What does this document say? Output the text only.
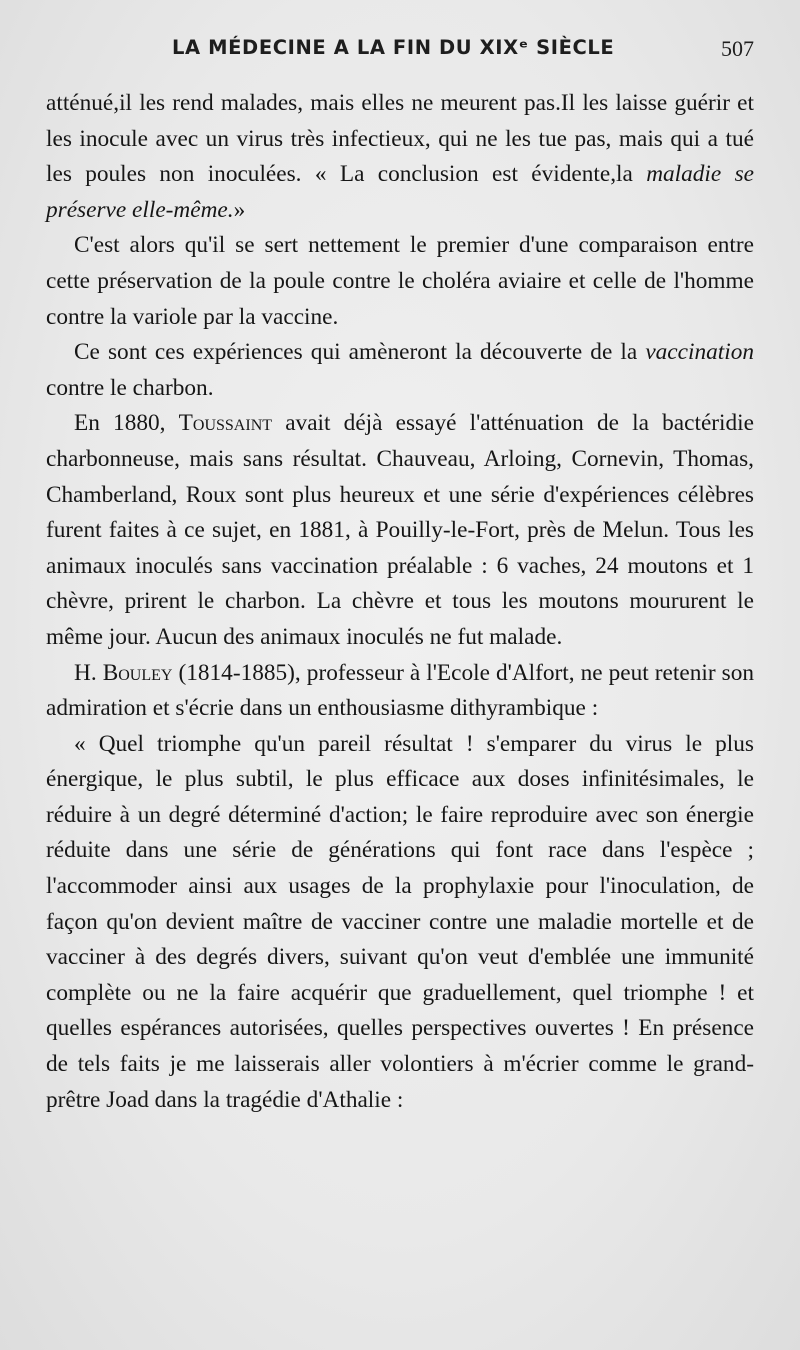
LA MÉDECINE A LA FIN DU XIXᵉ SIÈCLE	507

atténué,il les rend malades, mais elles ne meurent pas.Il les laisse guérir et les inocule avec un virus très infectieux, qui ne les tue pas, mais qui a tué les poules non inoculées. « La conclusion est évidente,la maladie se préserve elle-même.»

C'est alors qu'il se sert nettement le premier d'une comparaison entre cette préservation de la poule contre le choléra aviaire et celle de l'homme contre la variole par la vaccine.

Ce sont ces expériences qui amèneront la découverte de la vaccination contre le charbon.

En 1880, Toussaint avait déjà essayé l'atténuation de la bactéridie charbonneuse, mais sans résultat. Chauveau, Arloing, Cornevin, Thomas, Chamberland, Roux sont plus heureux et une série d'expériences célèbres furent faites à ce sujet, en 1881, à Pouilly-le-Fort, près de Melun. Tous les animaux inoculés sans vaccination préalable : 6 vaches, 24 moutons et 1 chèvre, prirent le charbon. La chèvre et tous les moutons moururent le même jour. Aucun des animaux inoculés ne fut malade.

H. Bouley (1814-1885), professeur à l'Ecole d'Alfort, ne peut retenir son admiration et s'écrie dans un enthousiasme dithyrambique :

« Quel triomphe qu'un pareil résultat ! s'emparer du virus le plus énergique, le plus subtil, le plus efficace aux doses infinitésimales, le réduire à un degré déterminé d'action; le faire reproduire avec son énergie réduite dans une série de générations qui font race dans l'espèce ; l'accommoder ainsi aux usages de la prophylaxie pour l'inoculation, de façon qu'on devient maître de vacciner contre une maladie mortelle et de vacciner à des degrés divers, suivant qu'on veut d'emblée une immunité complète ou ne la faire acquérir que graduellement, quel triomphe ! et quelles espérances autorisées, quelles perspectives ouvertes ! En présence de tels faits je me laisserais aller volontiers à m'écrier comme le grand-prêtre Joad dans la tragédie d'Athalie :
